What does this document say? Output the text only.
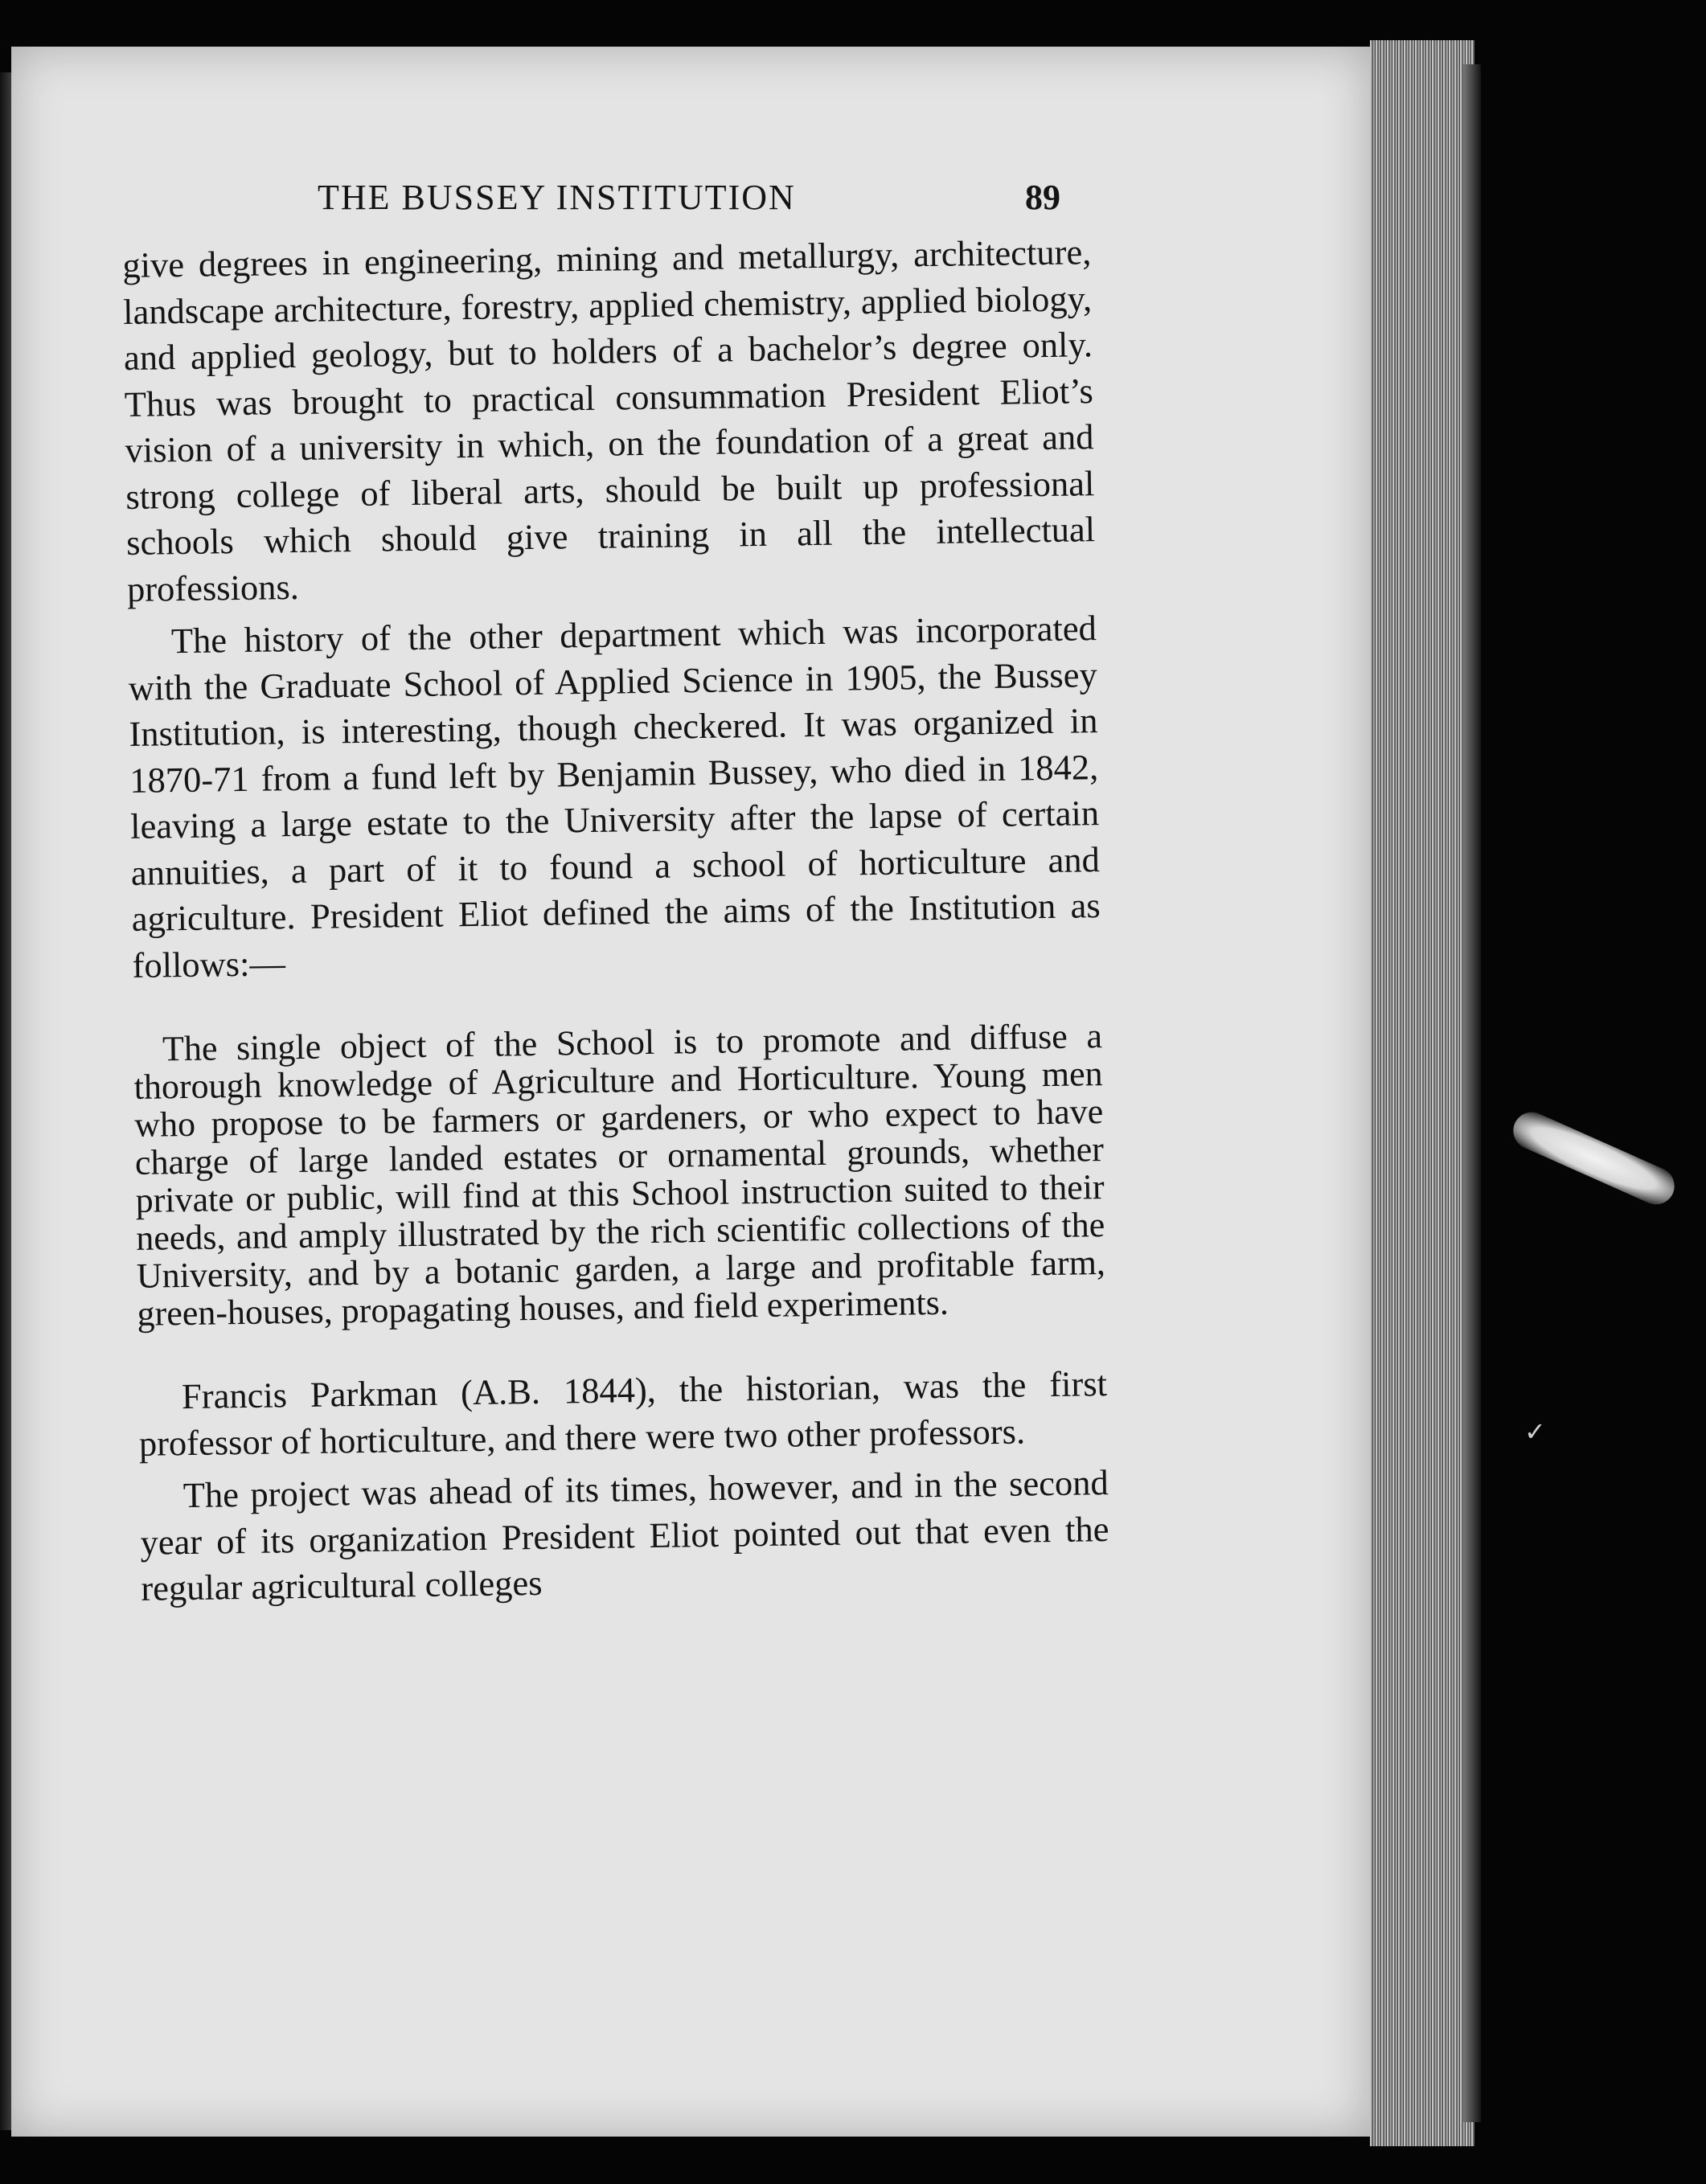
✓
THE BUSSEY INSTITUTION	89

give degrees in engineering, mining and metallurgy, architecture, landscape architecture, forestry, applied chemistry, applied biology, and applied geology, but to holders of a bachelor’s degree only. Thus was brought to practical consummation President Eliot’s vision of a university in which, on the foundation of a great and strong college of liberal arts, should be built up professional schools which should give training in all the intellectual professions.

The history of the other department which was incorporated with the Graduate School of Applied Science in 1905, the Bussey Institution, is interesting, though checkered. It was organized in 1870-71 from a fund left by Benjamin Bussey, who died in 1842, leaving a large estate to the University after the lapse of certain annuities, a part of it to found a school of horticulture and agriculture. President Eliot defined the aims of the Institution as follows:—

The single object of the School is to promote and diffuse a thorough knowledge of Agriculture and Horticulture. Young men who propose to be farmers or gardeners, or who expect to have charge of large landed estates or ornamental grounds, whether private or public, will find at this School instruction suited to their needs, and amply illustrated by the rich scientific collections of the University, and by a botanic garden, a large and profitable farm, green-houses, propagating houses, and field experiments.

Francis Parkman (A.B. 1844), the historian, was the first professor of horticulture, and there were two other professors.

The project was ahead of its times, however, and in the second year of its organization President Eliot pointed out that even the regular agricultural colleges
